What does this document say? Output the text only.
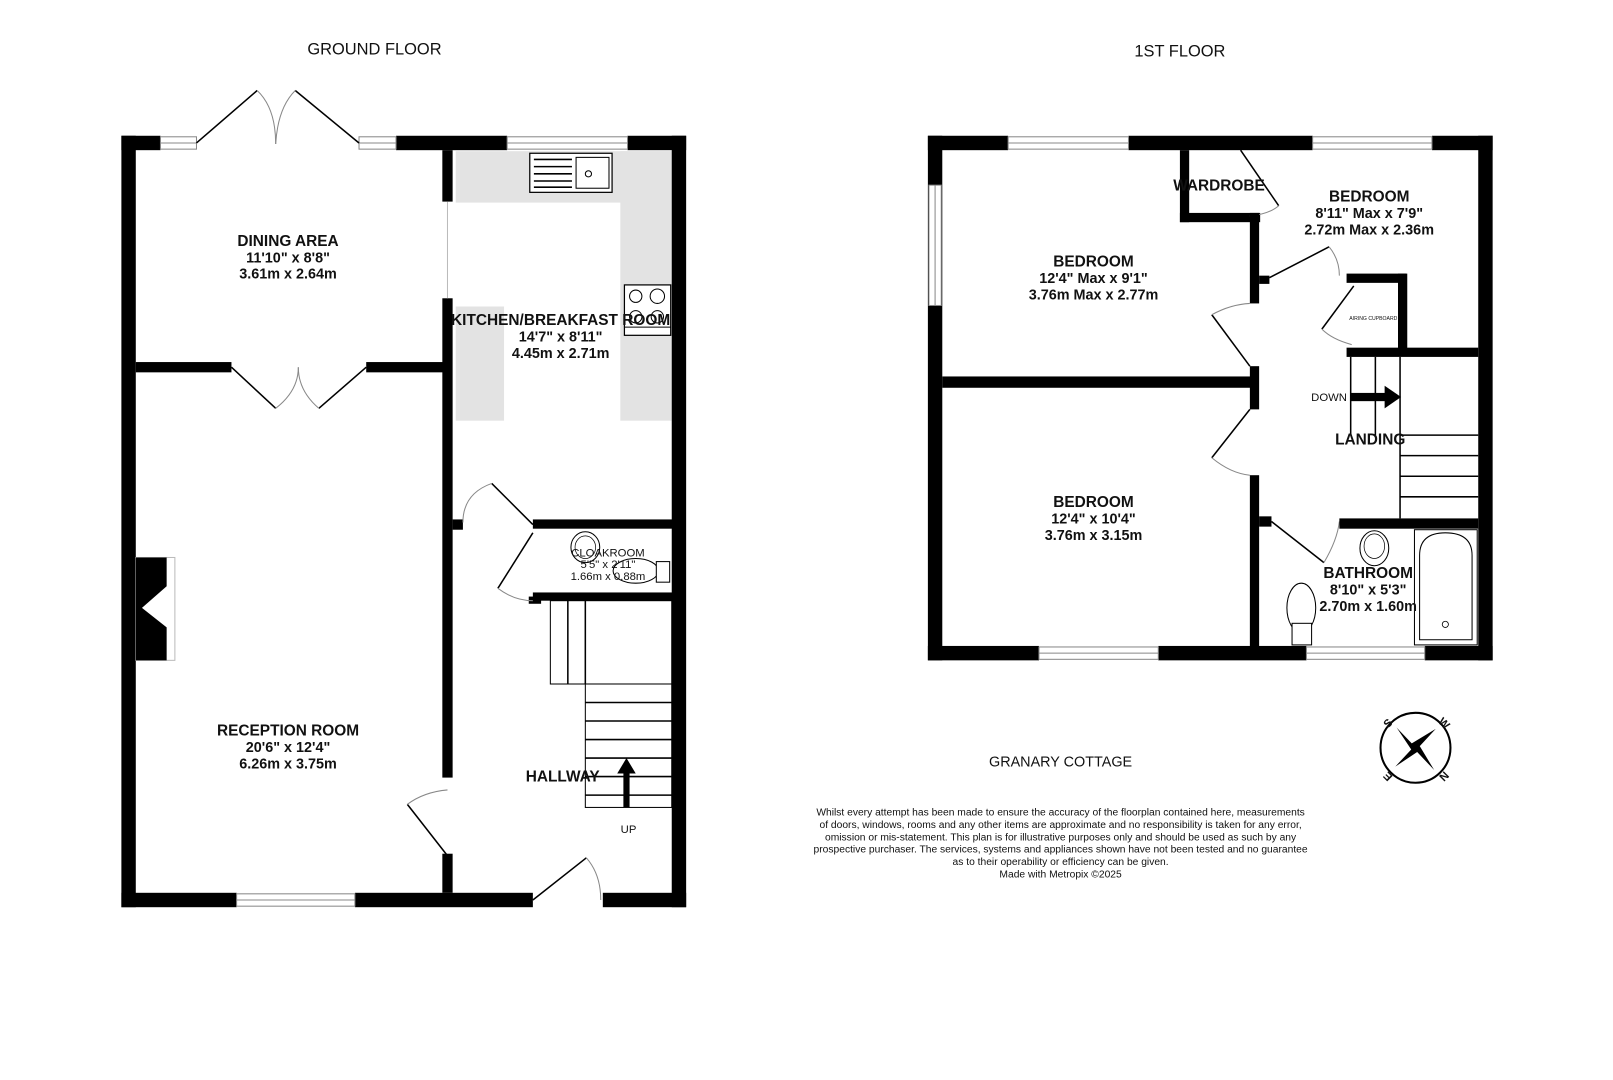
GROUND FLOOR
DINING AREA
11'10" x 8'8"
3.61m x 2.64m
KITCHEN/BREAKFAST ROOM
14'7" x 8'11"
4.45m x 2.71m
CLOAKROOM
5'5" x 2'11"
1.66m x 0.88m
RECEPTION ROOM
20'6" x 12'4"
6.26m x 3.75m
HALLWAY
UP
1ST FLOOR
AIRING CUPBOARD
DOWN
WARDROBE
BEDROOM
8'11" Max x 7'9"
2.72m Max x 2.36m
BEDROOM
12'4" Max x 9'1"
3.76m Max x 2.77m
LANDING
BEDROOM
12'4" x 10'4"
3.76m x 3.15m
BATHROOM
8'10" x 5'3"
2.70m x 1.60m
S	W
N
E
GRANARY COTTAGE
Whilst every attempt has been made to ensure the accuracy of the floorplan contained here, measurements
of doors, windows, rooms and any other items are approximate and no responsibility is taken for any error,
omission or mis-statement. This plan is for illustrative purposes only and should be used as such by any
prospective purchaser. The services, systems and appliances shown have not been tested and no guarantee
as to their operability or efficiency can be given.
Made with Metropix ©2025
